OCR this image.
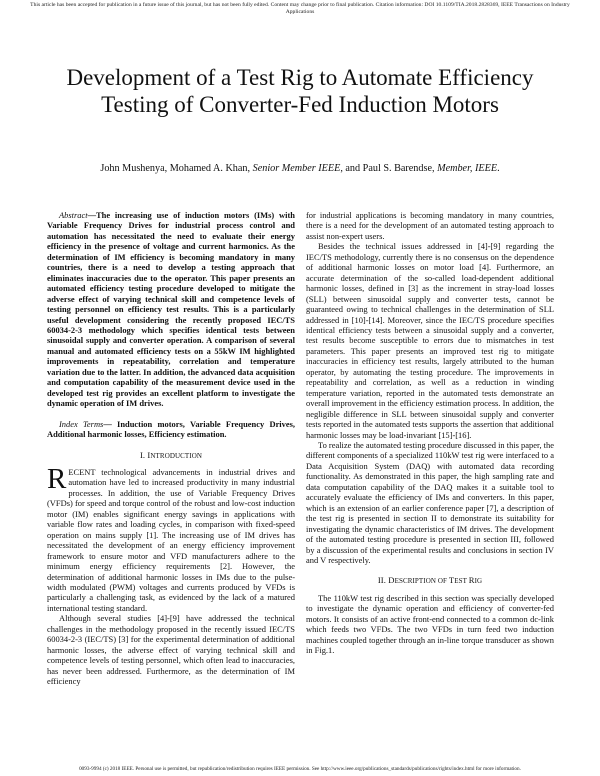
This article has been accepted for publication in a future issue of this journal, but has not been fully edited. Content may change prior to final publication. Citation information: DOI 10.1109/TIA.2018.2828369, IEEE Transactions on Industry Applications
Development of a Test Rig to Automate Efficiency Testing of Converter-Fed Induction Motors
John Mushenya, Mohamed A. Khan, Senior Member IEEE, and Paul S. Barendse, Member, IEEE.

Abstract—The increasing use of induction motors (IMs) with Variable Frequency Drives for industrial process control and automation has necessitated the need to evaluate their energy efficiency in the presence of voltage and current harmonics. As the determination of IM efficiency is becoming mandatory in many countries, there is a need to develop a testing approach that eliminates inaccuracies due to the operator. This paper presents an automated efficiency testing procedure developed to mitigate the adverse effect of varying technical skill and competence levels of testing personnel on efficiency test results. This is a particularly useful development considering the recently proposed IEC/TS 60034-2-3 methodology which specifies identical tests between sinusoidal supply and converter operation. A comparison of several manual and automated efficiency tests on a 55kW IM highlighted improvements in repeatability, correlation and temperature variation due to the latter. In addition, the advanced data acquisition and computation capability of the measurement device used in the developed test rig provides an excellent platform to investigate the dynamic operation of IM drives.

Index Terms— Induction motors, Variable Frequency Drives, Additional harmonic losses, Efficiency estimation.

I. INTRODUCTION

RECENT technological advancements in industrial drives and automation have led to increased productivity in many industrial processes. In addition, the use of Variable Frequency Drives (VFDs) for speed and torque control of the robust and low-cost induction motor (IM) enables significant energy savings in applications with variable flow rates and loading cycles, in comparison with fixed-speed operation on mains supply [1]. The increasing use of IM drives has necessitated the development of an energy efficiency improvement framework to ensure motor and VFD manufacturers adhere to the minimum energy efficiency requirements [2]. However, the determination of additional harmonic losses in IMs due to the pulse-width modulated (PWM) voltages and currents produced by VFDs is particularly a challenging task, as evidenced by the lack of a matured international testing standard.

Although several studies [4]-[9] have addressed the technical challenges in the methodology proposed in the recently issued IEC/TS 60034-2-3 (IEC/TS) [3] for the experimental determination of additional harmonic losses, the adverse effect of varying technical skill and competence levels of testing personnel, which often lead to inaccuracies, has never been addressed. Furthermore, as the determination of IM efficiency

for industrial applications is becoming mandatory in many countries, there is a need for the development of an automated testing approach to assist non-expert users.

Besides the technical issues addressed in [4]-[9] regarding the IEC/TS methodology, currently there is no consensus on the dependence of additional harmonic losses on motor load [4]. Furthermore, an accurate determination of the so-called load-dependent additional harmonic losses, defined in [3] as the increment in stray-load losses (SLL) between sinusoidal supply and converter tests, cannot be guaranteed owing to technical challenges in the determination of SLL addressed in [10]-[14]. Moreover, since the IEC/TS procedure specifies identical efficiency tests between a sinusoidal supply and a converter, test results become susceptible to errors due to mismatches in test parameters. This paper presents an improved test rig to mitigate inaccuracies in efficiency test results, largely attributed to the human operator, by automating the testing procedure. The improvements in repeatability and correlation, as well as a reduction in winding temperature variation, reported in the automated tests demonstrate an overall improvement in the efficiency estimation process. In addition, the negligible difference in SLL between sinusoidal supply and converter tests reported in the automated tests supports the assertion that additional harmonic losses may be load-invariant [15]-[16].

To realize the automated testing procedure discussed in this paper, the different components of a specialized 110kW test rig were interfaced to a Data Acquisition System (DAQ) with automated data recording functionality. As demonstrated in this paper, the high sampling rate and data computation capability of the DAQ makes it a suitable tool to accurately evaluate the efficiency of IMs and converters. In this paper, which is an extension of an earlier conference paper [7], a description of the test rig is presented in section II to demonstrate its suitability for investigating the dynamic characteristics of IM drives. The development of the automated testing procedure is presented in section III, followed by a discussion of the experimental results and conclusions in section IV and V respectively.

II. DESCRIPTION OF TEST RIG

The 110kW test rig described in this section was specially developed to investigate the dynamic operation and efficiency of converter-fed motors. It consists of an active front-end connected to a common dc-link which feeds two VFDs. The two VFDs in turn feed two induction machines coupled together through an in-line torque transducer as shown in Fig.1.

0093-9994 (c) 2018 IEEE. Personal use is permitted, but republication/redistribution requires IEEE permission. See http://www.ieee.org/publications_standards/publications/rights/index.html for more information.
